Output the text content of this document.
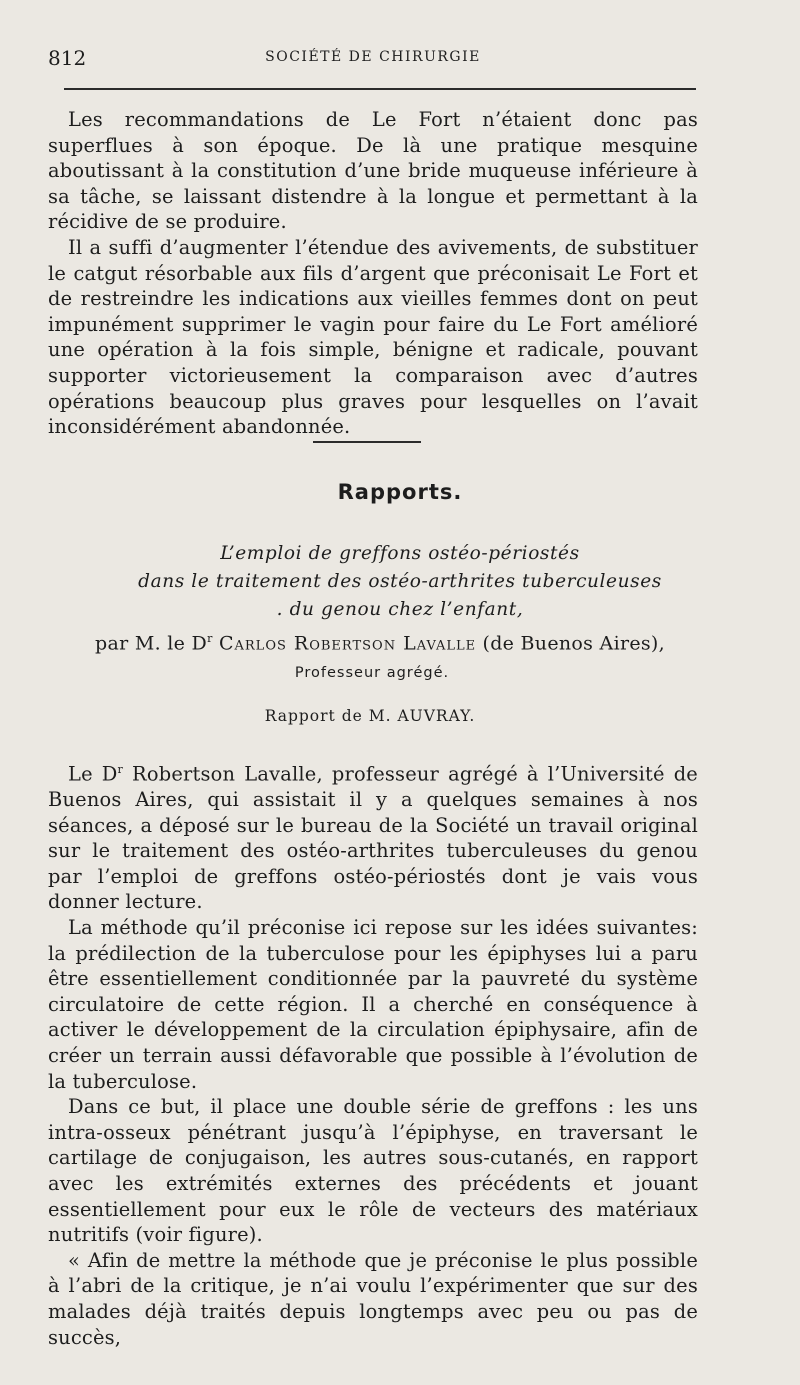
812	SOCIÉTÉ DE CHIRURGIE

Les recommandations de Le Fort n’étaient donc pas superflues à son époque. De là une pratique mesquine aboutissant à la constitution d’une bride muqueuse inférieure à sa tâche, se laissant distendre à la longue et permettant à la récidive de se produire.

Il a suffi d’augmenter l’étendue des avivements, de substituer le catgut résorbable aux fils d’argent que préconisait Le Fort et de restreindre les indications aux vieilles femmes dont on peut impunément supprimer le vagin pour faire du Le Fort amélioré une opération à la fois simple, bénigne et radicale, pouvant supporter victorieusement la comparaison avec d’autres opérations beaucoup plus graves pour lesquelles on l’avait inconsidérément abandonnée.

Rapports.
L’emploi de greffons ostéo-périostés
dans le traitement des ostéo-arthrites tuberculeuses
. du genou chez l’enfant,
par M. le $D^r$ Carlos Robertson Lavalle (de Buenos Aires),
Professeur agrégé.
Rapport de M. AUVRAY.

Le $D^r$ Robertson Lavalle, professeur agrégé à l’Université de Buenos Aires, qui assistait il y a quelques semaines à nos séances, a déposé sur le bureau de la Société un travail original sur le traitement des ostéo-arthrites tuberculeuses du genou par l’emploi de greffons ostéo-périostés dont je vais vous donner lecture.

La méthode qu’il préconise ici repose sur les idées suivantes: la prédilection de la tuberculose pour les épiphyses lui a paru être essentiellement conditionnée par la pauvreté du système circulatoire de cette région. Il a cherché en conséquence à activer le développement de la circulation épiphysaire, afin de créer un terrain aussi défavorable que possible à l’évolution de la tuberculose.

Dans ce but, il place une double série de greffons : les uns intra-osseux pénétrant jusqu’à l’épiphyse, en traversant le cartilage de conjugaison, les autres sous-cutanés, en rapport avec les extrémités externes des précédents et jouant essentiellement pour eux le rôle de vecteurs des matériaux nutritifs (voir figure).

« Afin de mettre la méthode que je préconise le plus possible à l’abri de la critique, je n’ai voulu l’expérimenter que sur des malades déjà traités depuis longtemps avec peu ou pas de succès,
